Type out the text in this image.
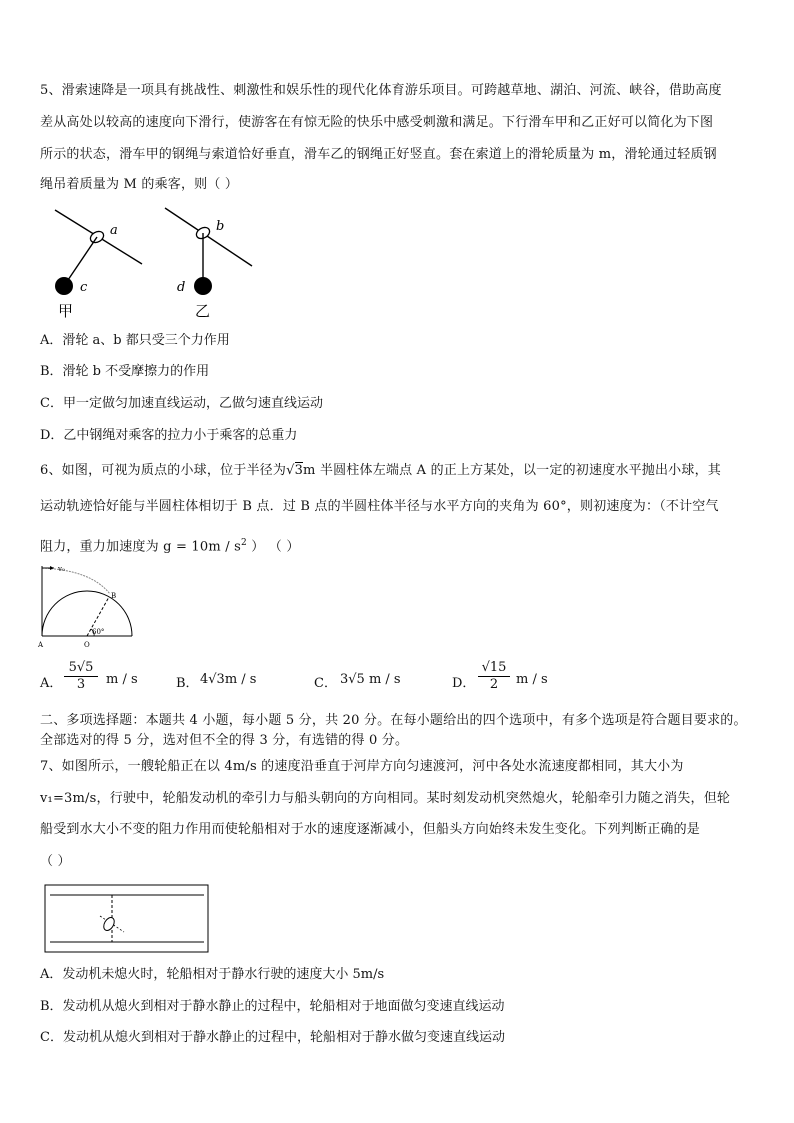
5、滑索速降是一项具有挑战性、刺激性和娱乐性的现代化体育游乐项目。可跨越草地、湖泊、河流、峡谷，借助高度
差从高处以较高的速度向下滑行，使游客在有惊无险的快乐中感受刺激和满足。下行滑车甲和乙正好可以简化为下图
所示的状态，滑车甲的钢绳与索道恰好垂直，滑车乙的钢绳正好竖直。套在索道上的滑轮质量为 m，滑轮通过轻质钢
绳吊着质量为 M 的乘客，则（ ）
a
c
甲
b
d
乙
A．滑轮 a、b 都只受三个力作用
B．滑轮 b 不受摩擦力的作用
C．甲一定做匀加速直线运动，乙做匀速直线运动
D．乙中钢绳对乘客的拉力小于乘客的总重力
6、如图，可视为质点的小球，位于半径为√3m 半圆柱体左端点 A 的正上方某处，以一定的初速度水平抛出小球，其
运动轨迹恰好能与半圆柱体相切于 B 点．过 B 点的半圆柱体半径与水平方向的夹角为 60°，则初速度为：（不计空气
阻力，重力加速度为 $g = 10m / s^2$ ） （ ）
v₀
B
A	O
60°
A． $\frac{5√5}{3}$ m / s	B． 4√3m / s	C． 3√5 m / s	D． $\frac{√15}{2}$ m / s
二、多项选择题：本题共 4 小题，每小题 5 分，共 20 分。在每小题给出的四个选项中，有多个选项是符合题目要求的。
全部选对的得 5 分，选对但不全的得 3 分，有选错的得 0 分。
7、如图所示，一艘轮船正在以 4m/s 的速度沿垂直于河岸方向匀速渡河，河中各处水流速度都相同，其大小为
v₁=3m/s，行驶中，轮船发动机的牵引力与船头朝向的方向相同。某时刻发动机突然熄火，轮船牵引力随之消失，但轮
船受到水大小不变的阻力作用而使轮船相对于水的速度逐渐减小，但船头方向始终未发生变化。下列判断正确的是
（ ）
A．发动机未熄火时，轮船相对于静水行驶的速度大小 5m/s
B．发动机从熄火到相对于静水静止的过程中，轮船相对于地面做匀变速直线运动
C．发动机从熄火到相对于静水静止的过程中，轮船相对于静水做匀变速直线运动
